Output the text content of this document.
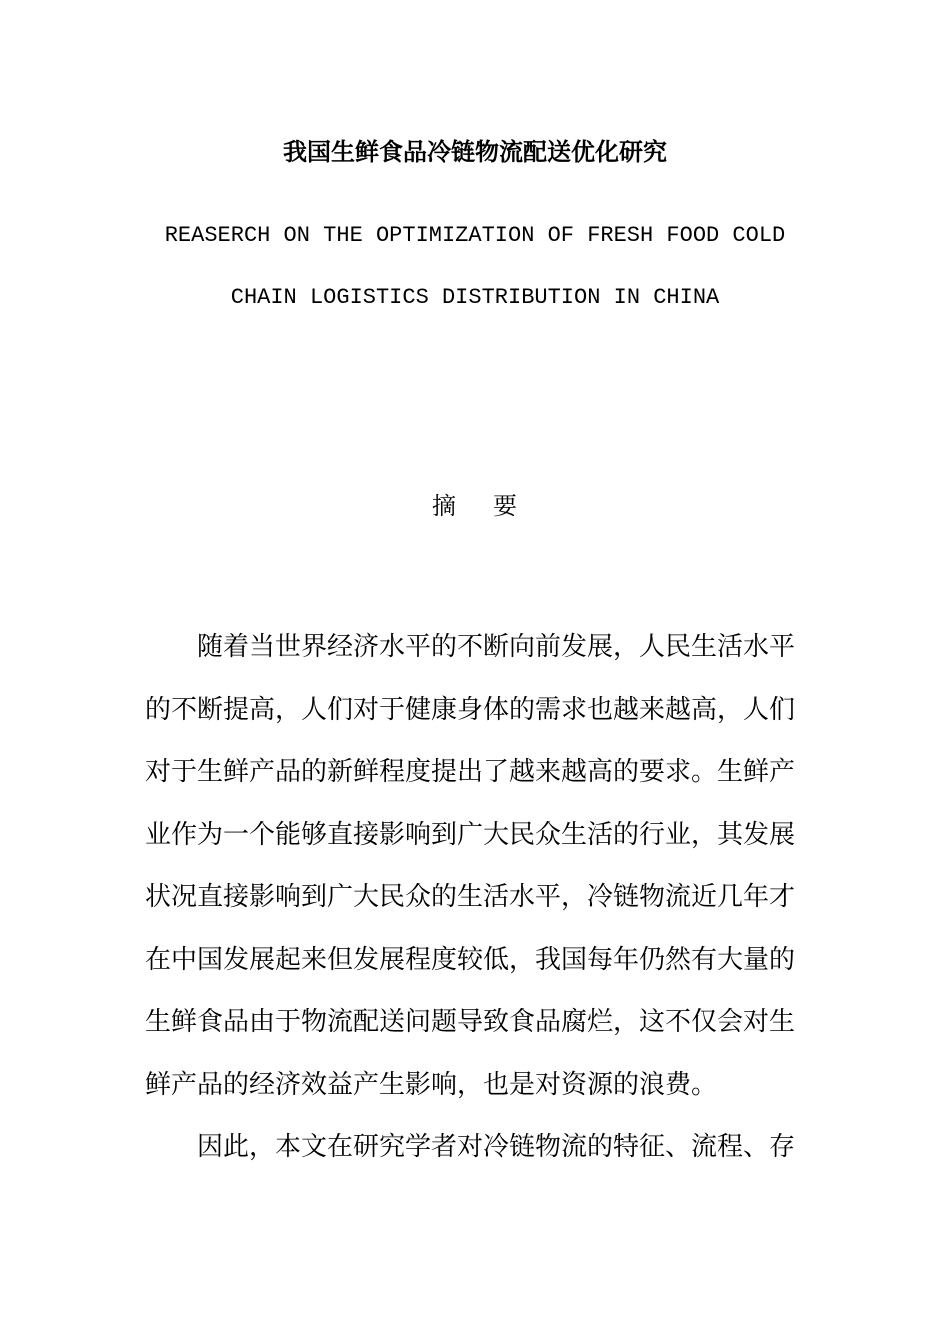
我国生鲜食品冷链物流配送优化研究
REASERCH ON THE OPTIMIZATION OF FRESH FOOD COLD
CHAIN LOGISTICS DISTRIBUTION IN CHINA
摘 要
随着当世界经济水平的不断向前发展，人民生活水平
的不断提高，人们对于健康身体的需求也越来越高，人们
对于生鲜产品的新鲜程度提出了越来越高的要求。生鲜产
业作为一个能够直接影响到广大民众生活的行业，其发展
状况直接影响到广大民众的生活水平，冷链物流近几年才
在中国发展起来但发展程度较低，我国每年仍然有大量的
生鲜食品由于物流配送问题导致食品腐烂，这不仅会对生
鲜产品的经济效益产生影响，也是对资源的浪费。
因此，本文在研究学者对冷链物流的特征、流程、存
